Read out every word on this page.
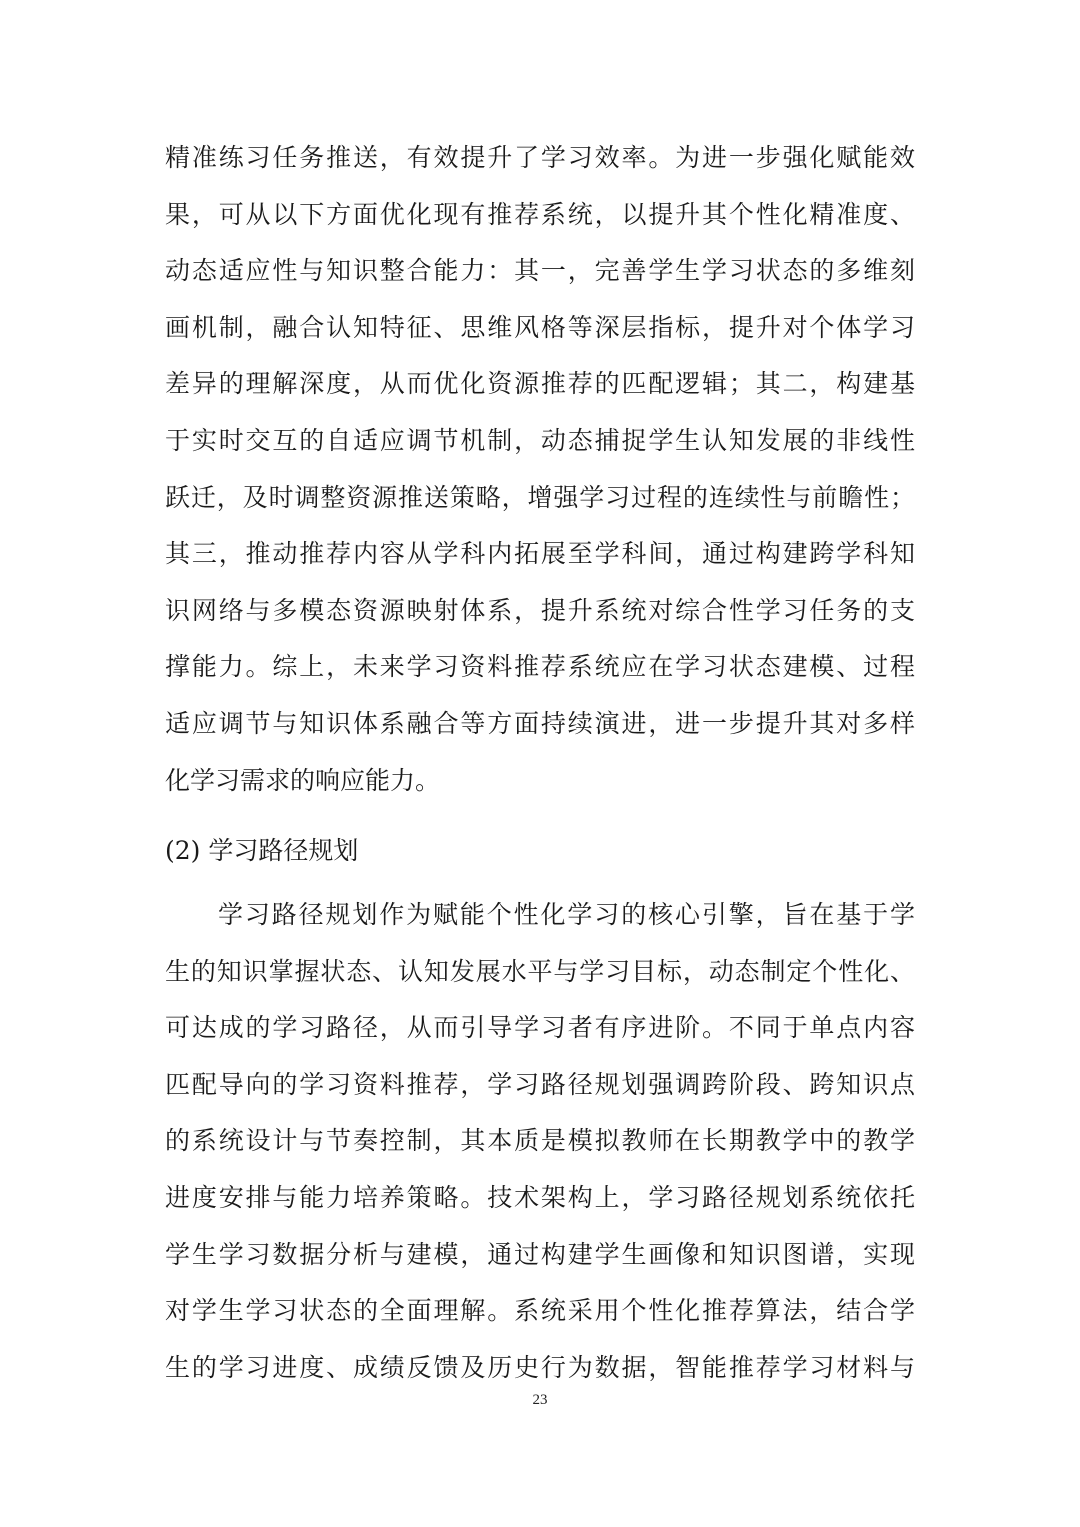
精准练习任务推送，有效提升了学习效率。为进一步强化赋能效
果，可从以下方面优化现有推荐系统，以提升其个性化精准度、
动态适应性与知识整合能力：其一，完善学生学习状态的多维刻
画机制，融合认知特征、思维风格等深层指标，提升对个体学习
差异的理解深度，从而优化资源推荐的匹配逻辑；其二，构建基
于实时交互的自适应调节机制，动态捕捉学生认知发展的非线性
跃迁，及时调整资源推送策略，增强学习过程的连续性与前瞻性；
其三，推动推荐内容从学科内拓展至学科间，通过构建跨学科知
识网络与多模态资源映射体系，提升系统对综合性学习任务的支
撑能力。综上，未来学习资料推荐系统应在学习状态建模、过程
适应调节与知识体系融合等方面持续演进，进一步提升其对多样
化学习需求的响应能力。
(2) 学习路径规划
学习路径规划作为赋能个性化学习的核心引擎，旨在基于学
生的知识掌握状态、认知发展水平与学习目标，动态制定个性化、
可达成的学习路径，从而引导学习者有序进阶。不同于单点内容
匹配导向的学习资料推荐，学习路径规划强调跨阶段、跨知识点
的系统设计与节奏控制，其本质是模拟教师在长期教学中的教学
进度安排与能力培养策略。技术架构上，学习路径规划系统依托
学生学习数据分析与建模，通过构建学生画像和知识图谱，实现
对学生学习状态的全面理解。系统采用个性化推荐算法，结合学
生的学习进度、成绩反馈及历史行为数据，智能推荐学习材料与
23
